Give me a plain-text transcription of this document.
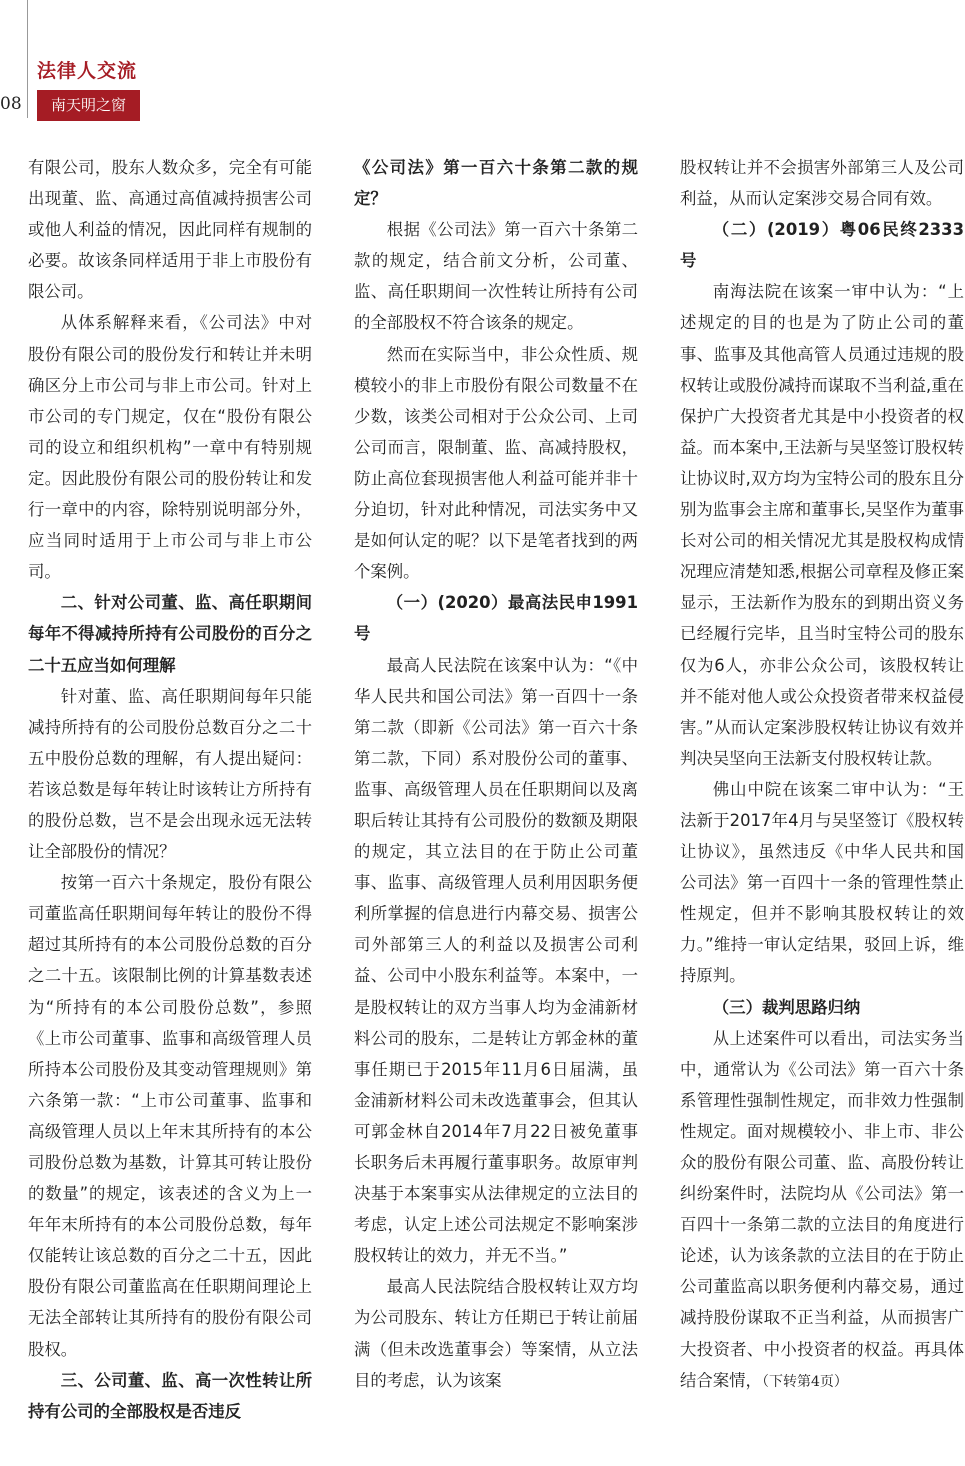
08
法律人交流
南天明之窗

有限公司，股东人数众多，完全有可能出现董、监、高通过高值减持损害公司或他人利益的情况，因此同样有规制的必要。故该条同样适用于非上市股份有限公司。

从体系解释来看，《公司法》中对股份有限公司的股份发行和转让并未明确区分上市公司与非上市公司。针对上市公司的专门规定，仅在“股份有限公司的设立和组织机构”一章中有特别规定。因此股份有限公司的股份转让和发行一章中的内容，除特别说明部分外，应当同时适用于上市公司与非上市公司。

二、针对公司董、监、高任职期间每年不得减持所持有公司股份的百分之二十五应当如何理解

针对董、监、高任职期间每年只能减持所持有的公司股份总数百分之二十五中股份总数的理解，有人提出疑问：若该总数是每年转让时该转让方所持有的股份总数，岂不是会出现永远无法转让全部股份的情况？

按第一百六十条规定，股份有限公司董监高任职期间每年转让的股份不得超过其所持有的本公司股份总数的百分之二十五。该限制比例的计算基数表述为“所持有的本公司股份总数”，参照《上市公司董事、监事和高级管理人员所持本公司股份及其变动管理规则》第六条第一款：“上市公司董事、监事和高级管理人员以上年末其所持有的本公司股份总数为基数，计算其可转让股份的数量”的规定，该表述的含义为上一年年末所持有的本公司股份总数，每年仅能转让该总数的百分之二十五，因此股份有限公司董监高在任职期间理论上无法全部转让其所持有的股份有限公司股权。

三、公司董、监、高一次性转让所持有公司的全部股权是否违反

《公司法》第一百六十条第二款的规定？

根据《公司法》第一百六十条第二款的规定，结合前文分析，公司董、监、高任职期间一次性转让所持有公司的全部股权不符合该条的规定。

然而在实际当中，非公众性质、规模较小的非上市股份有限公司数量不在少数，该类公司相对于公众公司、上司公司而言，限制董、监、高减持股权，防止高位套现损害他人利益可能并非十分迫切，针对此种情况，司法实务中又是如何认定的呢？以下是笔者找到的两个案例。

（一）(2020）最高法民申1991号

最高人民法院在该案中认为：“《中华人民共和国公司法》第一百四十一条第二款（即新《公司法》第一百六十条第二款，下同）系对股份公司的董事、监事、高级管理人员在任职期间以及离职后转让其持有公司股份的数额及期限的规定，其立法目的在于防止公司董事、监事、高级管理人员利用因职务便利所掌握的信息进行内幕交易、损害公司外部第三人的利益以及损害公司利益、公司中小股东利益等。本案中，一是股权转让的双方当事人均为金浦新材料公司的股东，二是转让方郭金林的董事任期已于2015年11月6日届满，虽金浦新材料公司未改选董事会，但其认可郭金林自2014年7月22日被免董事长职务后未再履行董事职务。故原审判决基于本案事实从法律规定的立法目的考虑，认定上述公司法规定不影响案涉股权转让的效力，并无不当。”

最高人民法院结合股权转让双方均为公司股东、转让方任期已于转让前届满（但未改选董事会）等案情，从立法目的考虑，认为该案

股权转让并不会损害外部第三人及公司利益，从而认定案涉交易合同有效。

（二）(2019）粤06民终2333号

南海法院在该案一审中认为：“上述规定的目的也是为了防止公司的董事、监事及其他高管人员通过违规的股权转让或股份减持而谋取不当利益,重在保护广大投资者尤其是中小投资者的权益。而本案中,王法新与吴坚签订股权转让协议时,双方均为宝特公司的股东且分别为监事会主席和董事长,吴坚作为董事长对公司的相关情况尤其是股权构成情况理应清楚知悉,根据公司章程及修正案显示，王法新作为股东的到期出资义务已经履行完毕，且当时宝特公司的股东仅为6人，亦非公众公司，该股权转让并不能对他人或公众投资者带来权益侵害。”从而认定案涉股权转让协议有效并判决吴坚向王法新支付股权转让款。

佛山中院在该案二审中认为：“王法新于2017年4月与吴坚签订《股权转让协议》，虽然违反《中华人民共和国公司法》第一百四十一条的管理性禁止性规定，但并不影响其股权转让的效力。”维持一审认定结果，驳回上诉，维持原判。

（三）裁判思路归纳

从上述案件可以看出，司法实务当中，通常认为《公司法》第一百六十条系管理性强制性规定，而非效力性强制性规定。面对规模较小、非上市、非公众的股份有限公司董、监、高股份转让纠纷案件时，法院均从《公司法》第一百四十一条第二款的立法目的角度进行论述，认为该条款的立法目的在于防止公司董监高以职务便利内幕交易，通过减持股份谋取不正当利益，从而损害广大投资者、中小投资者的权益。再具体结合案情，（下转第4页）
